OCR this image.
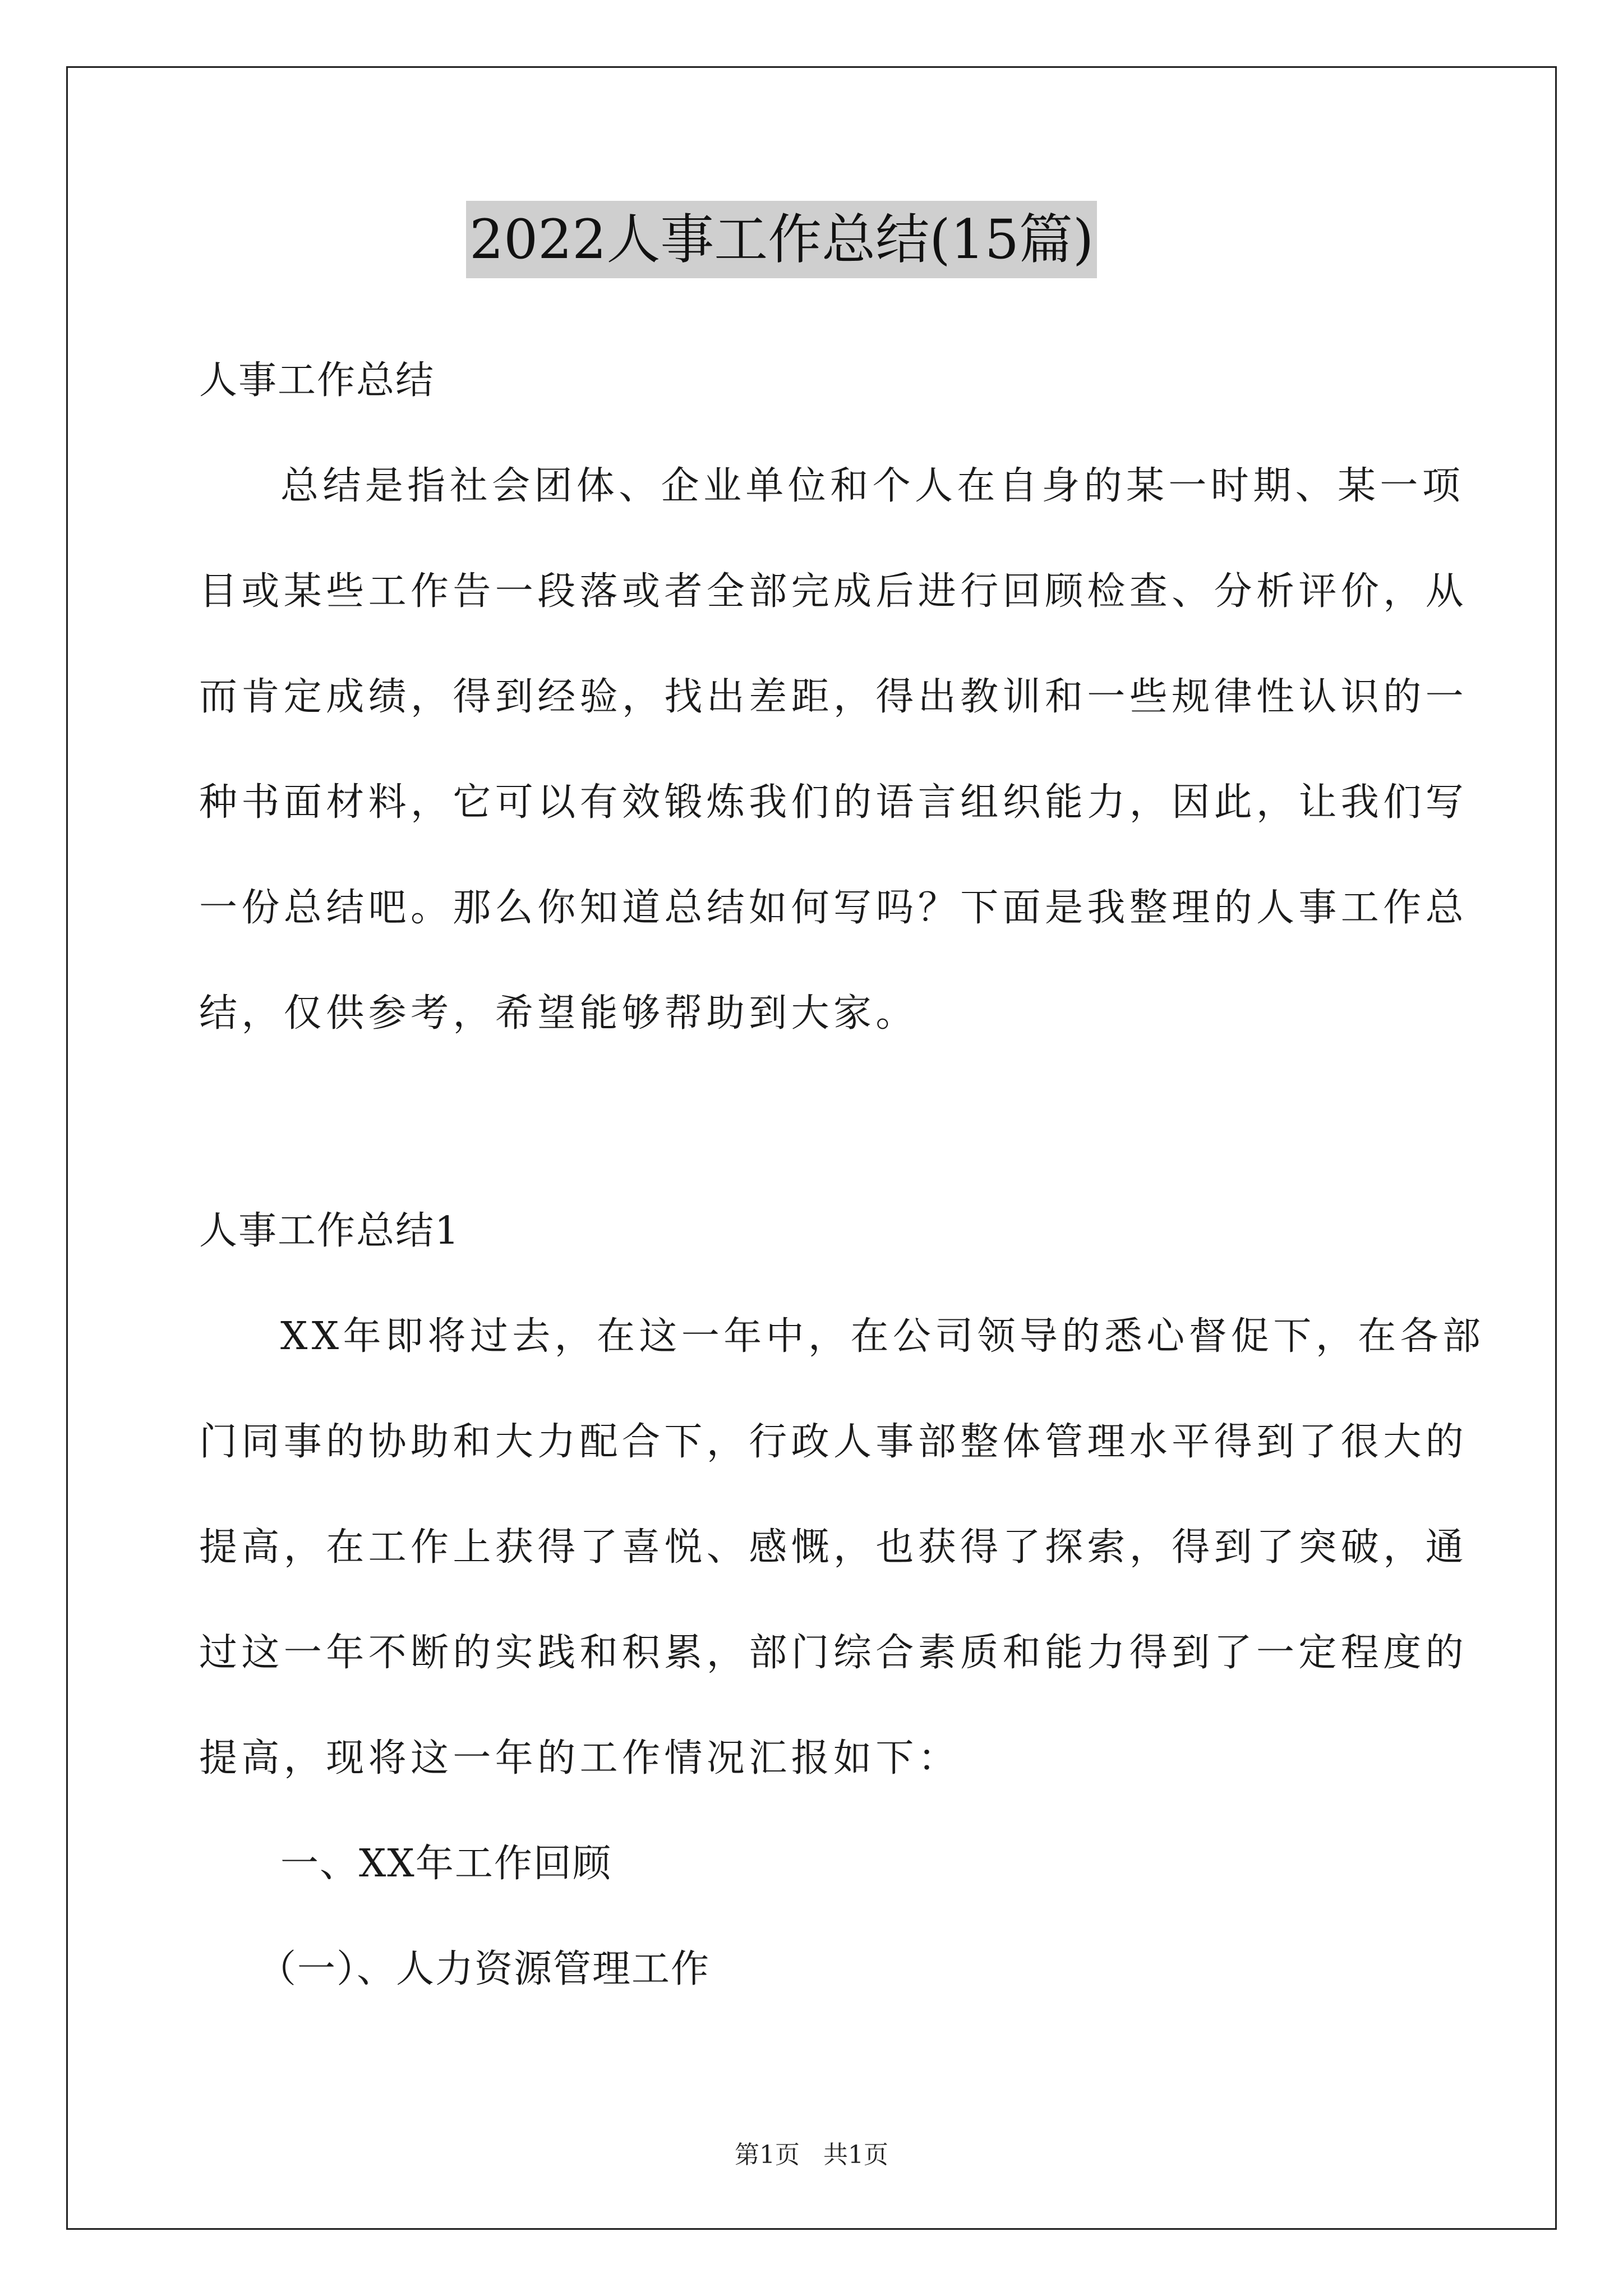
2022人事工作总结(15篇)
人事工作总结
总结是指社会团体、企业单位和个人在自身的某一时期、某一项
目或某些工作告一段落或者全部完成后进行回顾检查、分析评价，从
而肯定成绩，得到经验，找出差距，得出教训和一些规律性认识的一
种书面材料，它可以有效锻炼我们的语言组织能力，因此，让我们写
一份总结吧。那么你知道总结如何写吗？下面是我整理的人事工作总
结，仅供参考，希望能够帮助到大家。
人事工作总结1
XX年即将过去，在这一年中，在公司领导的悉心督促下，在各部
门同事的协助和大力配合下，行政人事部整体管理水平得到了很大的
提高，在工作上获得了喜悦、感慨，也获得了探索，得到了突破，通
过这一年不断的实践和积累，部门综合素质和能力得到了一定程度的
提高，现将这一年的工作情况汇报如下：
一、XX年工作回顾
（一）、人力资源管理工作
第1页 共1页
